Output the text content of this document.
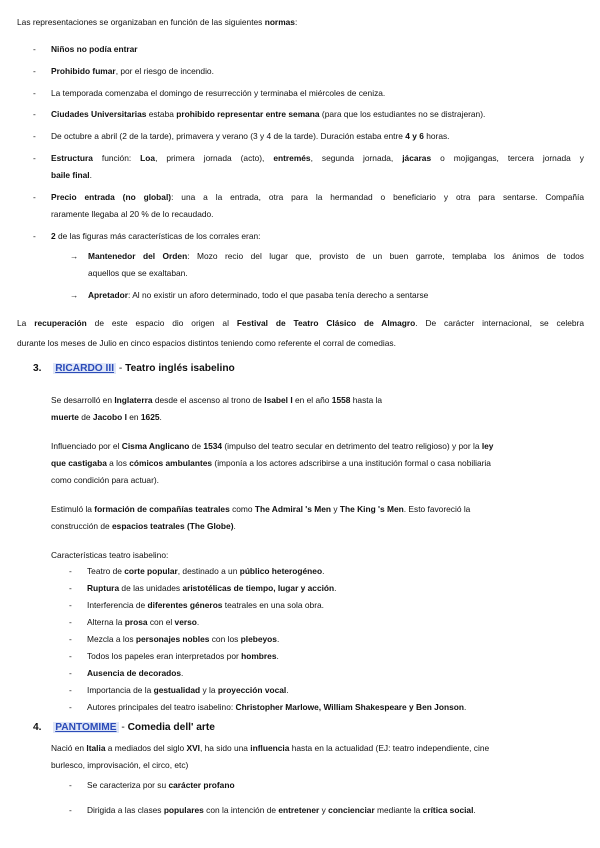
Las representaciones se organizaban en función de las siguientes normas:
- Niños no podía entrar
- Prohibido fumar, por el riesgo de incendio.
- La temporada comenzaba el domingo de resurrección y terminaba el miércoles de ceniza.
- Ciudades Universitarias estaba prohibido representar entre semana (para que los estudiantes no se distrajeran).
- De octubre a abril (2 de la tarde), primavera y verano (3 y 4 de la tarde). Duración estaba entre 4 y 6 horas.
- Estructura función: Loa, primera jornada (acto), entremés, segunda jornada, jácaras o mojigangas, tercera jornada y
baile final.
- Precio entrada (no global): una a la entrada, otra para la hermandad o beneficiario y otra para sentarse. Compañía
raramente llegaba al 20 % de lo recaudado.
- 2 de las figuras más características de los corrales eran:
→ Mantenedor del Orden: Mozo recio del lugar que, provisto de un buen garrote, templaba los ánimos de todos
aquellos que se exaltaban.
→ Apretador: Al no existir un aforo determinado, todo el que pasaba tenía derecho a sentarse
La recuperación de este espacio dio origen al Festival de Teatro Clásico de Almagro. De carácter internacional, se celebra
durante los meses de Julio en cinco espacios distintos teniendo como referente el corral de comedias.
3. RICARDO III - Teatro inglés isabelino
Se desarrolló en Inglaterra desde el ascenso al trono de Isabel I en el año 1558 hasta la
muerte de Jacobo I en 1625.
Influenciado por el Cisma Anglicano de 1534 (impulso del teatro secular en detrimento del teatro religioso) y por la ley
que castigaba a los cómicos ambulantes (imponía a los actores adscribirse a una institución formal o casa nobiliaria
como condición para actuar).
Estimuló la formación de compañías teatrales como The Admiral 's Men y The King 's Men. Esto favoreció la
construcción de espacios teatrales (The Globe).
Características teatro isabelino:
- Teatro de corte popular, destinado a un público heterogéneo.
- Ruptura de las unidades aristotélicas de tiempo, lugar y acción.
- Interferencia de diferentes géneros teatrales en una sola obra.
- Alterna la prosa con el verso.
- Mezcla a los personajes nobles con los plebeyos.
- Todos los papeles eran interpretados por hombres.
- Ausencia de decorados.
- Importancia de la gestualidad y la proyección vocal.
- Autores principales del teatro isabelino: Christopher Marlowe, William Shakespeare y Ben Jonson.
4. PANTOMIME - Comedia dell' arte
Nació en Italia a mediados del siglo XVI, ha sido una influencia hasta en la actualidad (EJ: teatro independiente, cine
burlesco, improvisación, el circo, etc)
- Se caracteriza por su carácter profano
- Dirigida a las clases populares con la intención de entretener y concienciar mediante la crítica social.
